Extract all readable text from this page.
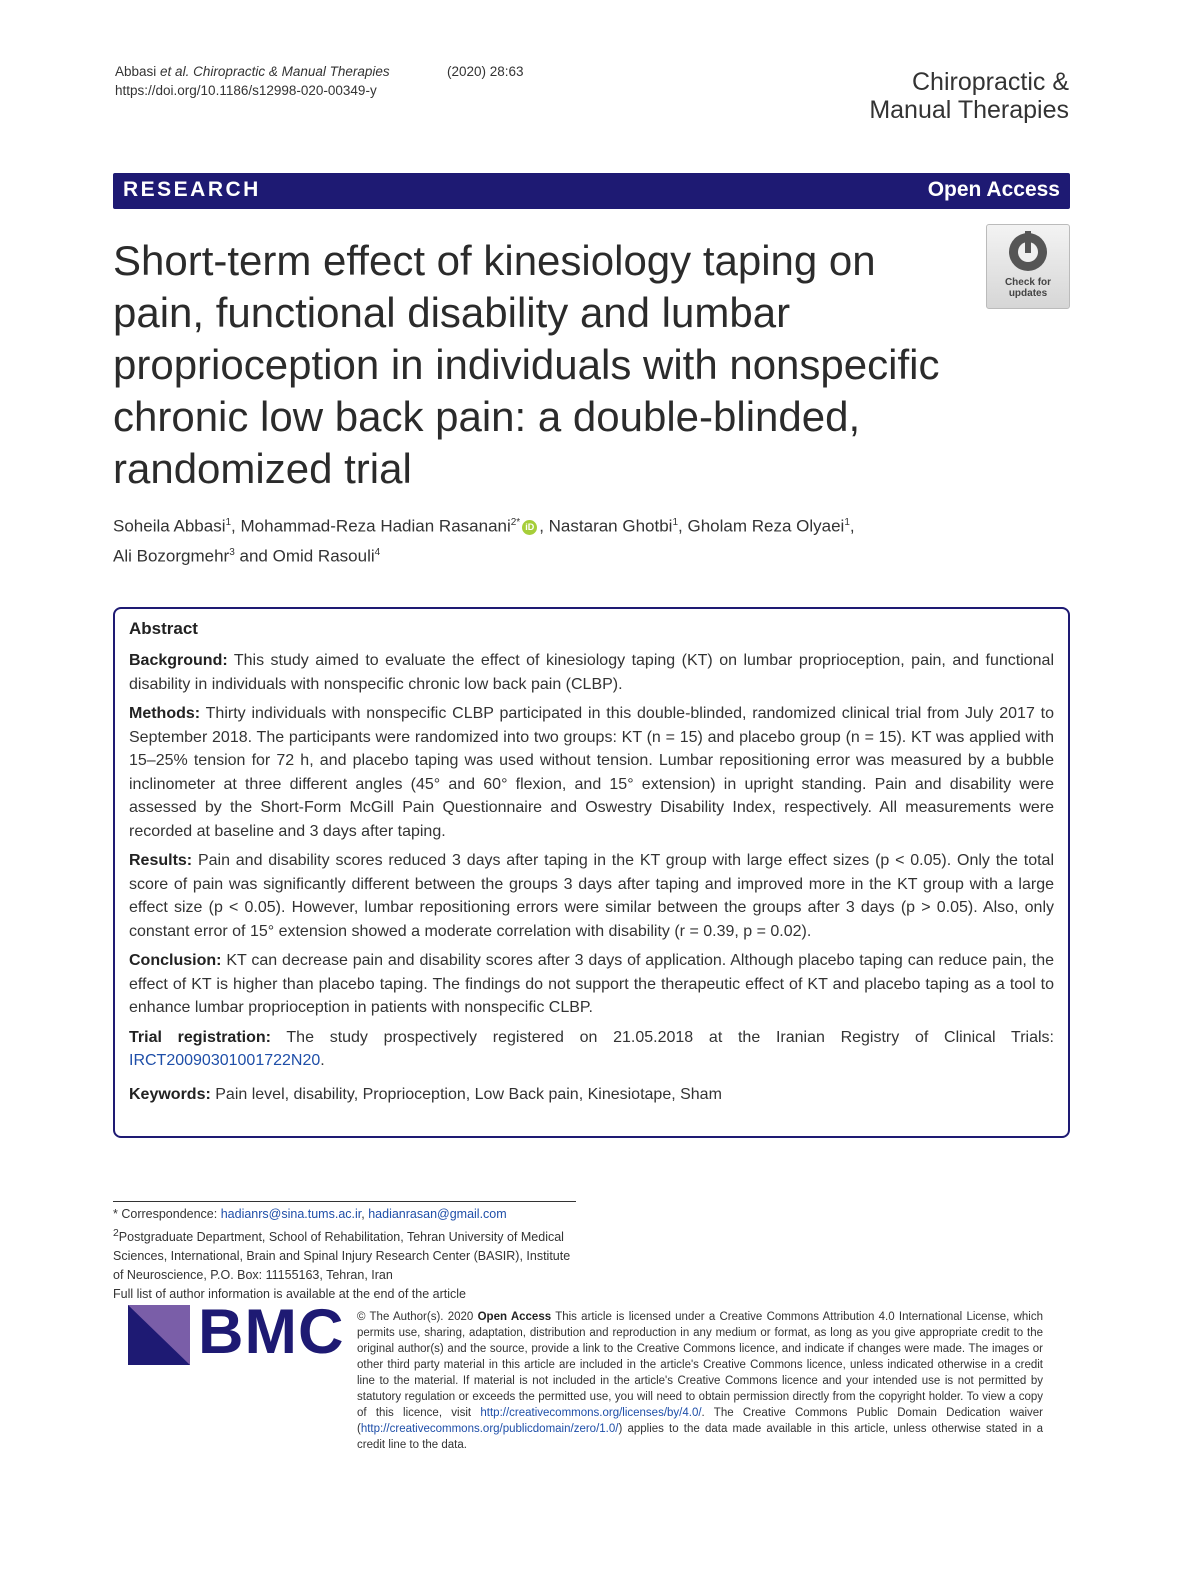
Abbasi et al. Chiropractic & Manual Therapies	(2020) 28:63
https://doi.org/10.1186/s12998-020-00349-y	Chiropractic &
Manual Therapies
RESEARCH	Open Access
Short-term effect of kinesiology taping on pain, functional disability and lumbar proprioception in individuals with nonspecific chronic low back pain: a double-blinded, randomized trial
Check for
updates
Soheila Abbasi$^1$, Mohammad-Reza Hadian Rasanani$^{2*}$ iD , Nastaran Ghotbi$^1$, Gholam Reza Olyaei$^1$,
Ali Bozorgmehr$^3$ and Omid Rasouli$^4$
Abstract

Background: This study aimed to evaluate the effect of kinesiology taping (KT) on lumbar proprioception, pain, and functional disability in individuals with nonspecific chronic low back pain (CLBP).

Methods: Thirty individuals with nonspecific CLBP participated in this double-blinded, randomized clinical trial from July 2017 to September 2018. The participants were randomized into two groups: KT (n = 15) and placebo group (n = 15). KT was applied with 15–25% tension for 72 h, and placebo taping was used without tension. Lumbar repositioning error was measured by a bubble inclinometer at three different angles (45° and 60° flexion, and 15° extension) in upright standing. Pain and disability were assessed by the Short-Form McGill Pain Questionnaire and Oswestry Disability Index, respectively. All measurements were recorded at baseline and 3 days after taping.

Results: Pain and disability scores reduced 3 days after taping in the KT group with large effect sizes (p < 0.05). Only the total score of pain was significantly different between the groups 3 days after taping and improved more in the KT group with a large effect size (p < 0.05). However, lumbar repositioning errors were similar between the groups after 3 days (p > 0.05). Also, only constant error of 15° extension showed a moderate correlation with disability (r = 0.39, p = 0.02).

Conclusion: KT can decrease pain and disability scores after 3 days of application. Although placebo taping can reduce pain, the effect of KT is higher than placebo taping. The findings do not support the therapeutic effect of KT and placebo taping as a tool to enhance lumbar proprioception in patients with nonspecific CLBP.

Trial registration: The study prospectively registered on 21.05.2018 at the Iranian Registry of Clinical Trials: IRCT20090301001722N20.

Keywords: Pain level, disability, Proprioception, Low Back pain, Kinesiotape, Sham

* Correspondence: hadianrs@sina.tums.ac.ir, hadianrasan@gmail.com
$^2$Postgraduate Department, School of Rehabilitation, Tehran University of Medical Sciences, International, Brain and Spinal Injury Research Center (BASIR), Institute of Neuroscience, P.O. Box: 11155163, Tehran, Iran
Full list of author information is available at the end of the article
BMC © The Author(s). 2020 Open Access This article is licensed under a Creative Commons Attribution 4.0 International License, which permits use, sharing, adaptation, distribution and reproduction in any medium or format, as long as you give appropriate credit to the original author(s) and the source, provide a link to the Creative Commons licence, and indicate if changes were made. The images or other third party material in this article are included in the article's Creative Commons licence, unless indicated otherwise in a credit line to the material. If material is not included in the article's Creative Commons licence and your intended use is not permitted by statutory regulation or exceeds the permitted use, you will need to obtain permission directly from the copyright holder. To view a copy of this licence, visit http://creativecommons.org/licenses/by/4.0/. The Creative Commons Public Domain Dedication waiver (http://creativecommons.org/publicdomain/zero/1.0/) applies to the data made available in this article, unless otherwise stated in a credit line to the data.
